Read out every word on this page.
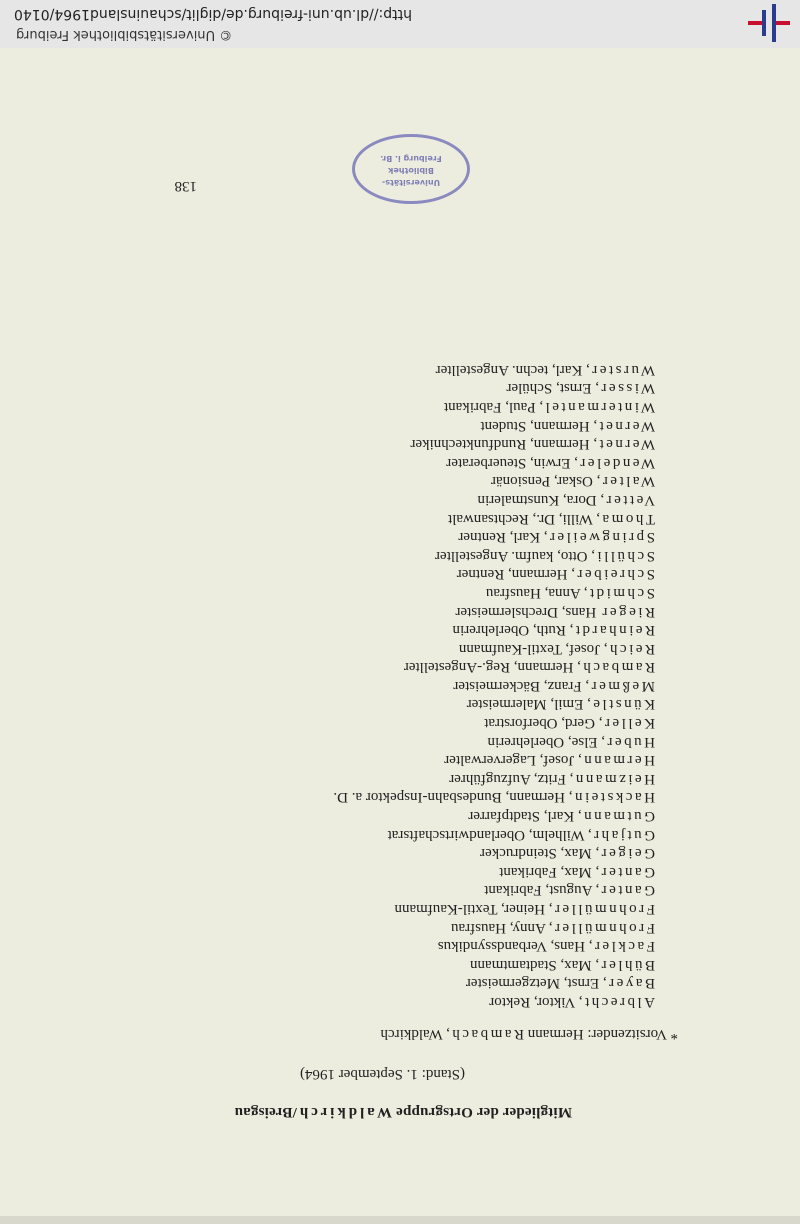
© Universitätsbibliothek Freiburg
http://dl.ub.uni-freiburg.de/diglit/schauinsland1964/0140
Mitglieder der Ortsgruppe Waldkirch/Breisgau
(Stand: 1. September 1964)
* Vorsitzender: Hermann Rambach, Waldkirch
Albrecht, Viktor, Rektor
Bayer, Ernst, Metzgermeister
Bühler, Max, Stadtamtmann
Fackler, Hans, Verbandssyndikus
Frohnmüller, Anny, Hausfrau
Frohnmüller, Heiner, Textil-Kaufmann
Ganter, August, Fabrikant
Ganter, Max, Fabrikant
Geiger, Max, Steindrucker
Gutjahr, Wilhelm, Oberlandwirtschaftsrat
Gutmann, Karl, Stadtpfarrer
Hackstein, Hermann, Bundesbahn-Inspektor a. D.
Heizmann, Fritz, Aufzugführer
Hermann, Josef, Lagerverwalter
Huber, Else, Oberlehrerin
Keller, Gerd, Oberforstrat
Künstle, Emil, Malermeister
Meßmer, Franz, Bäckermeister
Rambach, Hermann, Reg.-Angestellter
Reich, Josef, Textil-Kaufmann
Reinhardt, Ruth, Oberlehrerin
Rieger Hans, Drechslermeister
Schmidt, Anna, Hausfrau
Schreiber, Hermann, Rentner
Schülli, Otto, kaufm. Angestellter
Springweiler, Karl, Rentner
Thoma, Willi, Dr., Rechtsanwalt
Vetter, Dora, Kunstmalerin
Walter, Oskar, Pensionär
Wendeler, Erwin, Steuerberater
Wernet, Hermann, Rundfunktechniker
Wernet, Hermann, Student
Wintermantel, Paul, Fabrikant
Wisser, Ernst, Schüler
Wurster, Karl, techn. Angestellter
138	Universitäts-
Bibliothek
Freiburg i. Br.
